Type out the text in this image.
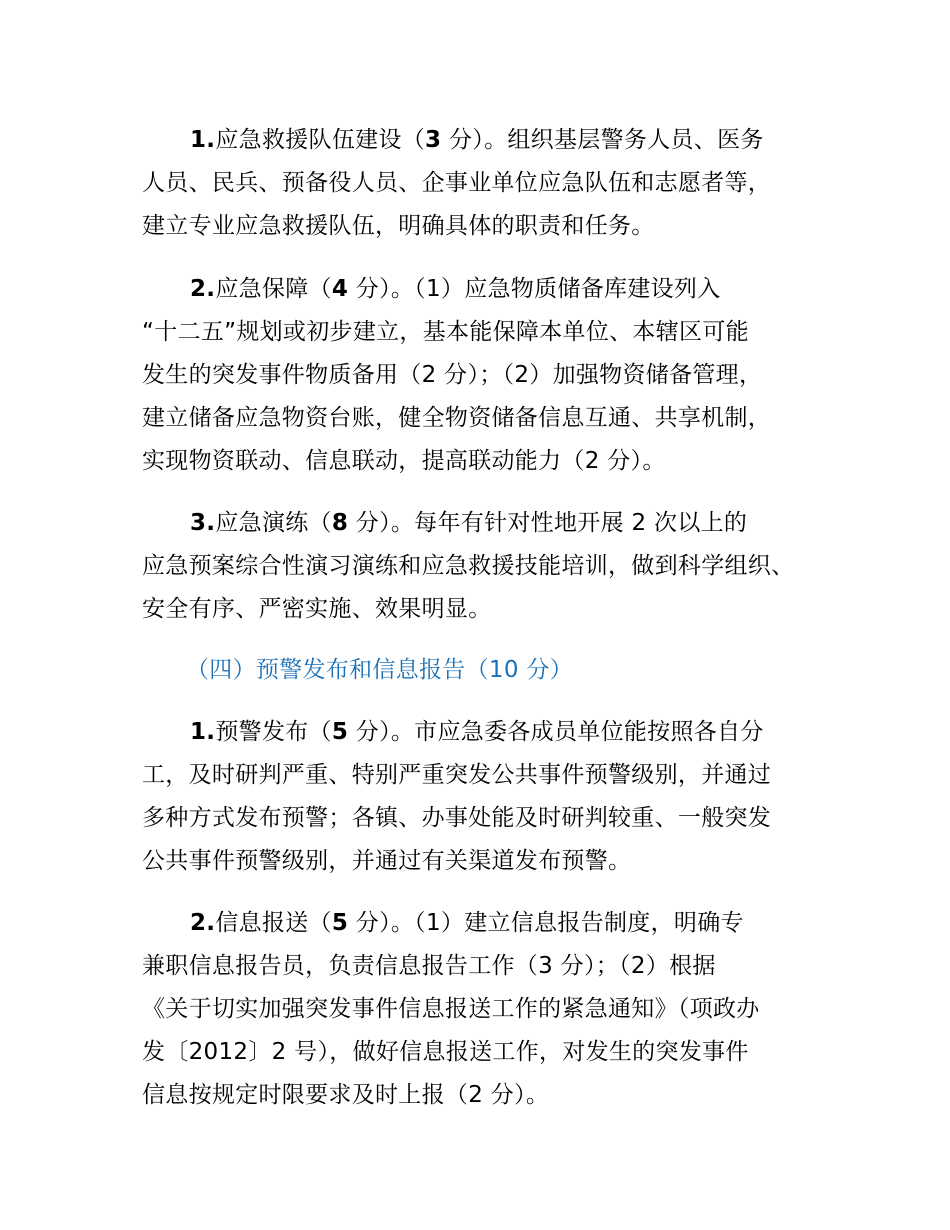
1.应急救援队伍建设（3 分）。组织基层警务人员、医务
人员、民兵、预备役人员、企事业单位应急队伍和志愿者等，
建立专业应急救援队伍，明确具体的职责和任务。
2.应急保障（4 分）。（1）应急物质储备库建设列入
“十二五”规划或初步建立，基本能保障本单位、本辖区可能
发生的突发事件物质备用（2 分）；（2）加强物资储备管理，
建立储备应急物资台账，健全物资储备信息互通、共享机制，
实现物资联动、信息联动，提高联动能力（2 分）。
3.应急演练（8 分）。每年有针对性地开展 2 次以上的
应急预案综合性演习演练和应急救援技能培训，做到科学组织、
安全有序、严密实施、效果明显。
（四）预警发布和信息报告（10 分）
1.预警发布（5 分）。市应急委各成员单位能按照各自分
工，及时研判严重、特别严重突发公共事件预警级别，并通过
多种方式发布预警；各镇、办事处能及时研判较重、一般突发
公共事件预警级别，并通过有关渠道发布预警。
2.信息报送（5 分）。（1）建立信息报告制度，明确专
兼职信息报告员，负责信息报告工作（3 分）；（2）根据
《关于切实加强突发事件信息报送工作的紧急通知》（项政办
发〔2012〕2 号），做好信息报送工作，对发生的突发事件
信息按规定时限要求及时上报（2 分）。
